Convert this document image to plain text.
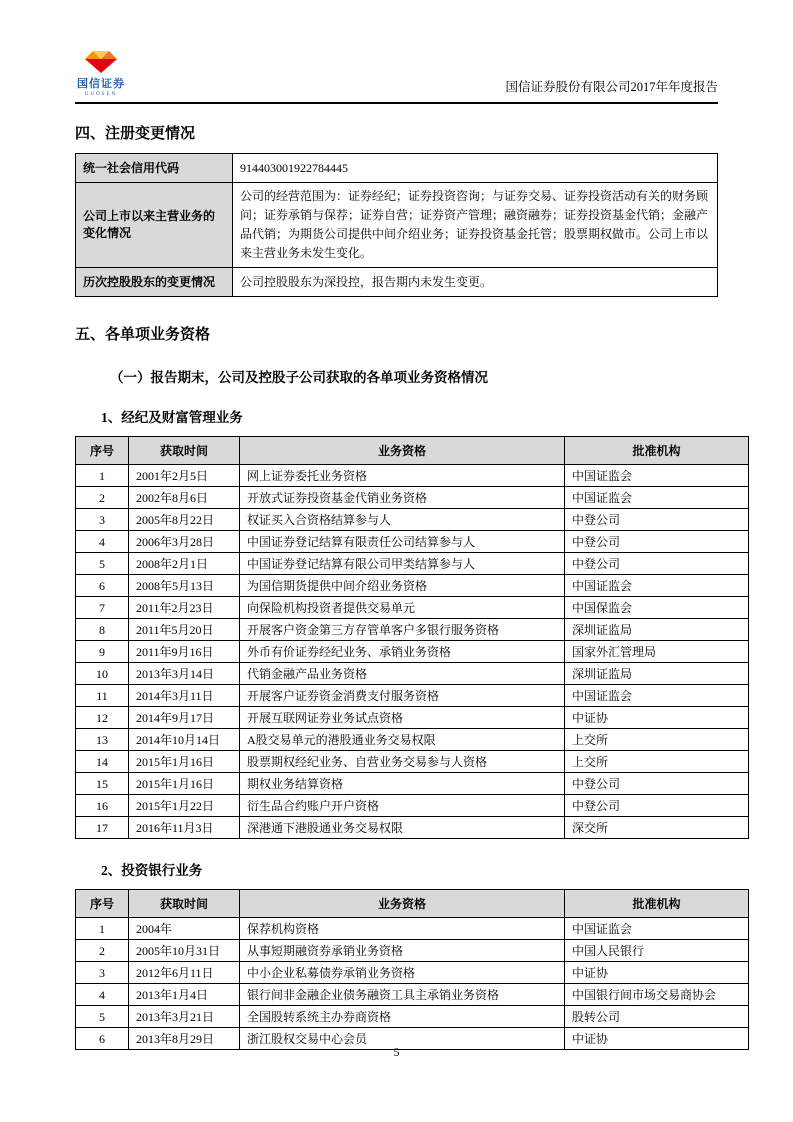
国信证券
GUOSEN
国信证券股份有限公司2017年年度报告
四、注册变更情况
统一社会信用代码	914403001922784445
公司上市以来主营业务的变化情况	公司的经营范围为：证券经纪；证券投资咨询；与证券交易、证券投资活动有关的财务顾问；证券承销与保荐；证券自营；证券资产管理；融资融券；证券投资基金代销；金融产品代销；为期货公司提供中间介绍业务；证券投资基金托管；股票期权做市。公司上市以来主营业务未发生变化。
历次控股股东的变更情况	公司控股股东为深投控，报告期内未发生变更。
五、各单项业务资格
（一）报告期末，公司及控股子公司获取的各单项业务资格情况
1、经纪及财富管理业务
序号	获取时间	业务资格	批准机构
1	2001年2月5日	网上证券委托业务资格	中国证监会
2	2002年8月6日	开放式证券投资基金代销业务资格	中国证监会
3	2005年8月22日	权证买入合资格结算参与人	中登公司
4	2006年3月28日	中国证券登记结算有限责任公司结算参与人	中登公司
5	2008年2月1日	中国证券登记结算有限公司甲类结算参与人	中登公司
6	2008年5月13日	为国信期货提供中间介绍业务资格	中国证监会
7	2011年2月23日	向保险机构投资者提供交易单元	中国保监会
8	2011年5月20日	开展客户资金第三方存管单客户多银行服务资格	深圳证监局
9	2011年9月16日	外币有价证券经纪业务、承销业务资格	国家外汇管理局
10	2013年3月14日	代销金融产品业务资格	深圳证监局
11	2014年3月11日	开展客户证券资金消费支付服务资格	中国证监会
12	2014年9月17日	开展互联网证券业务试点资格	中证协
13	2014年10月14日	A股交易单元的港股通业务交易权限	上交所
14	2015年1月16日	股票期权经纪业务、自营业务交易参与人资格	上交所
15	2015年1月16日	期权业务结算资格	中登公司
16	2015年1月22日	衍生品合约账户开户资格	中登公司
17	2016年11月3日	深港通下港股通业务交易权限	深交所
2、投资银行业务
序号	获取时间	业务资格	批准机构
1	2004年	保荐机构资格	中国证监会
2	2005年10月31日	从事短期融资券承销业务资格	中国人民银行
3	2012年6月11日	中小企业私募债券承销业务资格	中证协
4	2013年1月4日	银行间非金融企业债务融资工具主承销业务资格	中国银行间市场交易商协会
5	2013年3月21日	全国股转系统主办券商资格	股转公司
6	2013年8月29日	浙江股权交易中心会员	中证协
5
